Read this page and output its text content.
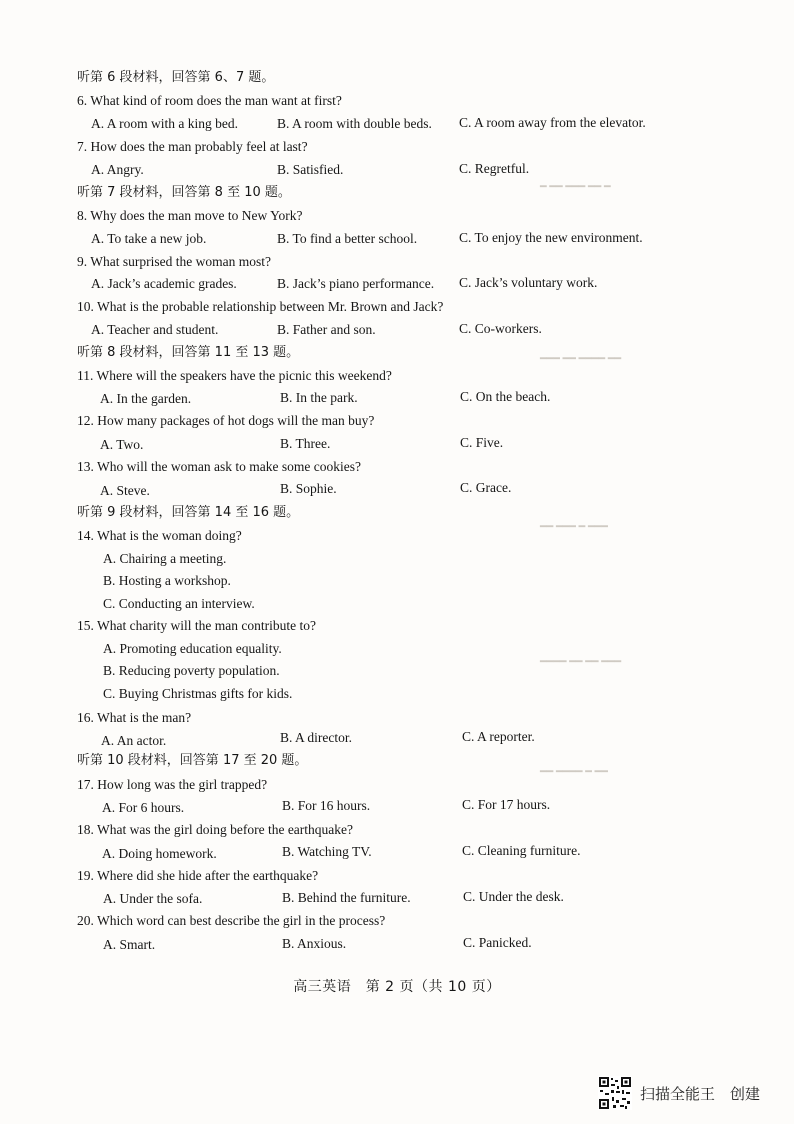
听第 6 段材料，回答第 6、7 题。
6. What kind of room does the man want at first?
A. A room with a king bed.	B. A room with double beds. C. A room away from the elevator.
7. How does the man probably feel at last?
A. Angry.	B. Satisfied.	C. Regretful.
听第 7 段材料，回答第 8 至 10 题。
8. Why does the man move to New York?
A. To take a new job.	B. To find a better school.	C. To enjoy the new environment.
9. What surprised the woman most?
A. Jack’s academic grades.	B. Jack’s piano performance. C. Jack’s voluntary work.
10. What is the probable relationship between Mr. Brown and Jack?
A. Teacher and student.	B. Father and son.	C. Co-workers.
听第 8 段材料，回答第 11 至 13 题。
11. Where will the speakers have the picnic this weekend?
A. In the garden.	B. In the park.	C. On the beach.
12. How many packages of hot dogs will the man buy?
A. Two.	B. Three.	C. Five.
13. Who will the woman ask to make some cookies?
A. Steve.	B. Sophie.	C. Grace.
听第 9 段材料，回答第 14 至 16 题。
14. What is the woman doing?
A. Chairing a meeting.
B. Hosting a workshop.
C. Conducting an interview.
15. What charity will the man contribute to?
A. Promoting education equality.
B. Reducing poverty population.
C. Buying Christmas gifts for kids.
16. What is the man?
A. An actor.	B. A director.	C. A reporter.
听第 10 段材料，回答第 17 至 20 题。
17. How long was the girl trapped?
A. For 6 hours.	B. For 16 hours.	C. For 17 hours.
18. What was the girl doing before the earthquake?
A. Doing homework.	B. Watching TV.	C. Cleaning furniture.
19. Where did she hide after the earthquake?
A. Under the sofa.	B. Behind the furniture.	C. Under the desk.
20. Which word can best describe the girl in the process?
A. Smart.	B. Anxious.	C. Panicked.
━ ━━ ━━━ ━━ ━
━━━ ━━ ━━━━ ━━
━━ ━━━ ━ ━━━
━━━━ ━━ ━━ ━━━
━━ ━━━━ ━ ━━
高三英语　第 2 页（共 10 页）
扫描全能王　创建
